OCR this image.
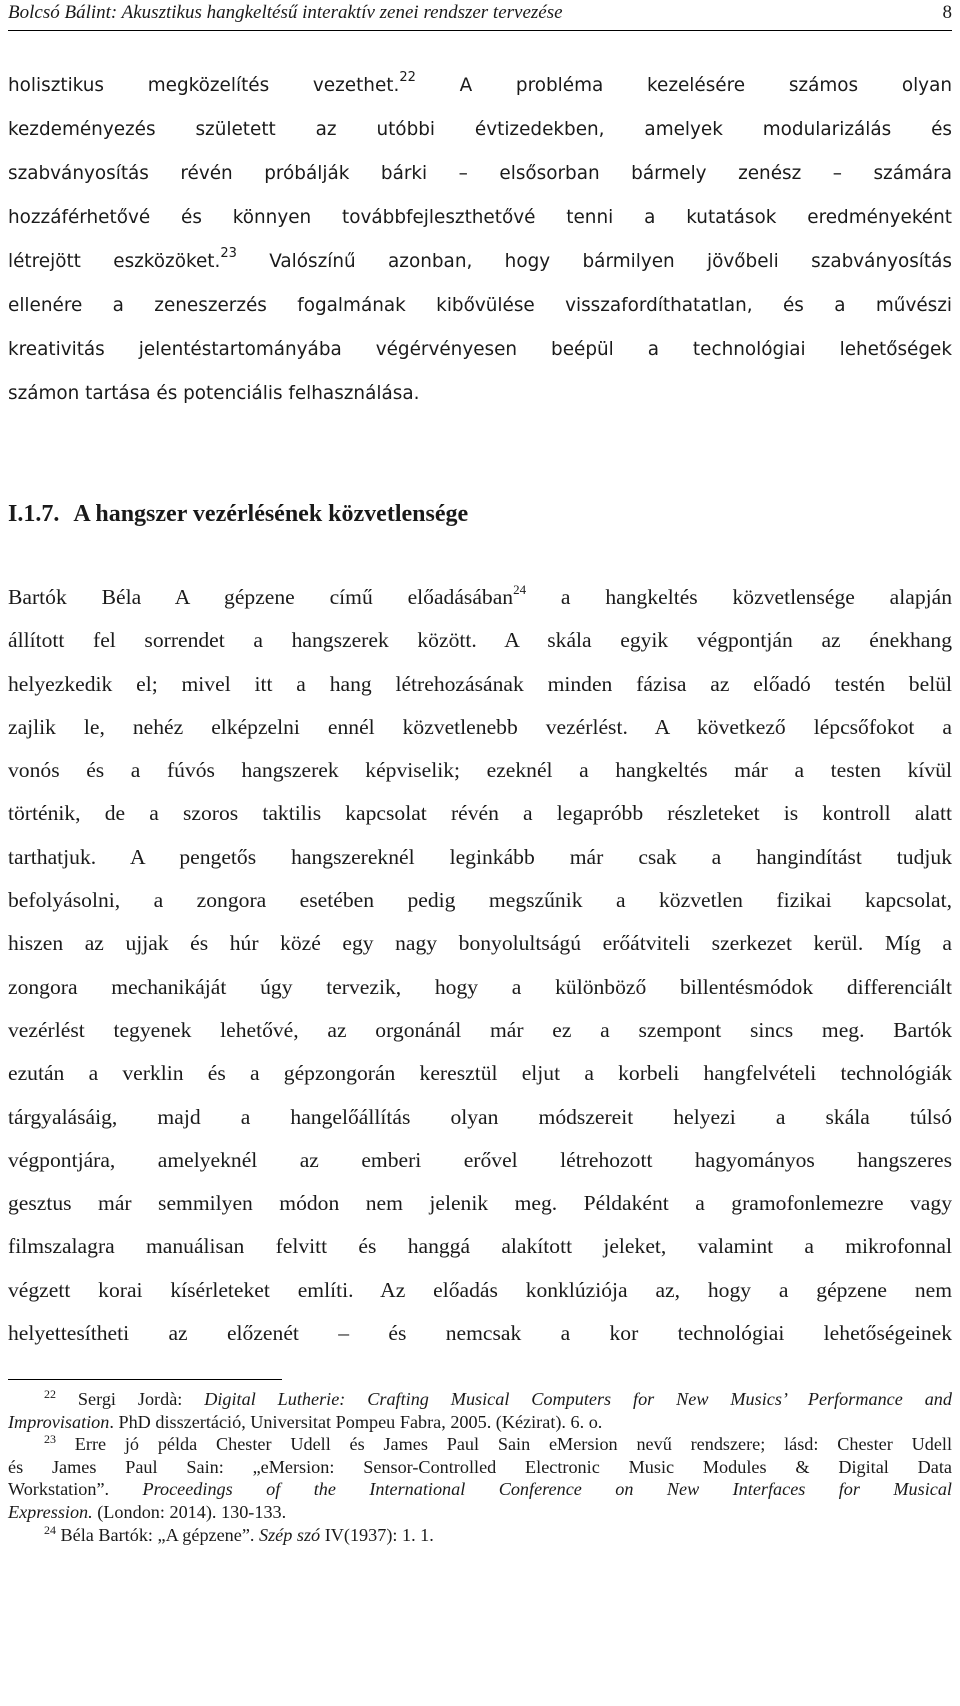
Bolcsó Bálint: Akusztikus hangkeltésű interaktív zenei rendszer tervezése	8
holisztikus megközelítés vezethet.$^{22}$ A probléma kezelésére számos olyan
kezdeményezés született az utóbbi évtizedekben, amelyek modularizálás és
szabványosítás révén próbálják bárki – elsősorban bármely zenész – számára
hozzáférhetővé és könnyen továbbfejleszthetővé tenni a kutatások eredményeként
létrejött eszközöket.$^{23}$ Valószínű azonban, hogy bármilyen jövőbeli szabványosítás
ellenére a zeneszerzés fogalmának kibővülése visszafordíthatatlan, és a művészi
kreativitás jelentéstartományába végérvényesen beépül a technológiai lehetőségek
számon tartása és potenciális felhasználása.
I.1.7. A hangszer vezérlésének közvetlensége
Bartók Béla A gépzene című előadásában$^{24}$ a hangkeltés közvetlensége alapján
állított fel sorrendet a hangszerek között. A skála egyik végpontján az énekhang
helyezkedik el; mivel itt a hang létrehozásának minden fázisa az előadó testén belül
zajlik le, nehéz elképzelni ennél közvetlenebb vezérlést. A következő lépcsőfokot a
vonós és a fúvós hangszerek képviselik; ezeknél a hangkeltés már a testen kívül
történik, de a szoros taktilis kapcsolat révén a legapróbb részleteket is kontroll alatt
tarthatjuk. A pengetős hangszereknél leginkább már csak a hangindítást tudjuk
befolyásolni, a zongora esetében pedig megszűnik a közvetlen fizikai kapcsolat,
hiszen az ujjak és húr közé egy nagy bonyolultságú erőátviteli szerkezet kerül. Míg a
zongora mechanikáját úgy tervezik, hogy a különböző billentésmódok differenciált
vezérlést tegyenek lehetővé, az orgonánál már ez a szempont sincs meg. Bartók
ezután a verklin és a gépzongorán keresztül eljut a korbeli hangfelvételi technológiák
tárgyalásáig, majd a hangelőállítás olyan módszereit helyezi a skála túlsó
végpontjára, amelyeknél az emberi erővel létrehozott hagyományos hangszeres
gesztus már semmilyen módon nem jelenik meg. Példaként a gramofonlemezre vagy
filmszalagra manuálisan felvitt és hanggá alakított jeleket, valamint a mikrofonnal
végzett korai kísérleteket említi. Az előadás konklúziója az, hogy a gépzene nem
helyettesítheti az előzenét – és nemcsak a kor technológiai lehetőségeinek
$^{22}$ Sergi Jordà: Digital Lutherie: Crafting Musical Computers for New Musics’ Performance and
Improvisation. PhD disszertáció, Universitat Pompeu Fabra, 2005. (Kézirat). 6. o.
$^{23}$ Erre jó példa Chester Udell és James Paul Sain eMersion nevű rendszere; lásd: Chester Udell
és James Paul Sain: „eMersion: Sensor-Controlled Electronic Music Modules & Digital Data
Workstation”. Proceedings of the International Conference on New Interfaces for Musical
Expression. (London: 2014). 130-133.
$^{24}$ Béla Bartók: „A gépzene”. Szép szó IV(1937): 1. 1.
